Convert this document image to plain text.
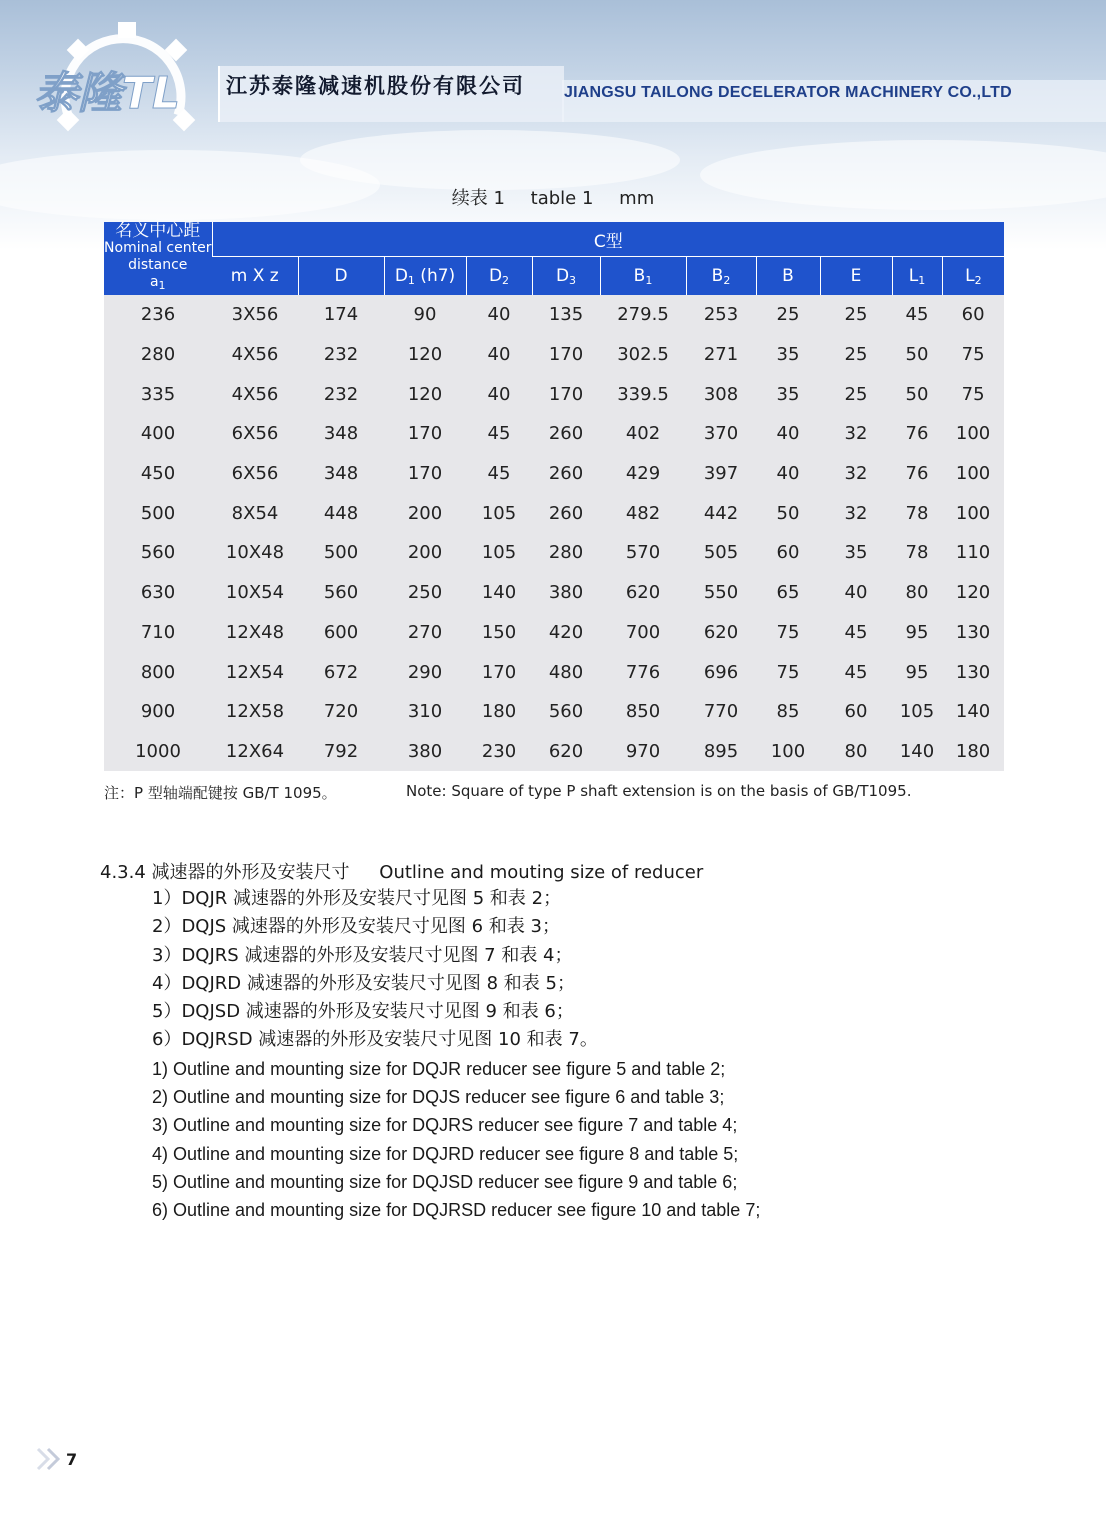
泰隆TL 江苏泰隆减速机股份有限公司 JIANGSU TAILONG DECELERATOR MACHINERY CO.,LTD
续表 1 table 1 mm
名义中心距
Nominal center
distance
$a_1$	C型										
	m X z	D	$D_1$ (h7)	$D_2$	$D_3$	$B_1$	$B_2$	B	E	$L_1$	$L_2$
236	3X56	174	90	40	135	279.5	253	25	25	45	60
280	4X56	232	120	40	170	302.5	271	35	25	50	75
335	4X56	232	120	40	170	339.5	308	35	25	50	75
400	6X56	348	170	45	260	402	370	40	32	76	100
450	6X56	348	170	45	260	429	397	40	32	76	100
500	8X54	448	200	105	260	482	442	50	32	78	100
560	10X48	500	200	105	280	570	505	60	35	78	110
630	10X54	560	250	140	380	620	550	65	40	80	120
710	12X48	600	270	150	420	700	620	75	45	95	130
800	12X54	672	290	170	480	776	696	75	45	95	130
900	12X58	720	310	180	560	850	770	85	60	105	140
1000	12X64	792	380	230	620	970	895	100	80	140	180
注：P 型轴端配键按 GB/T 1095。	Note: Square of type P shaft extension is on the basis of GB/T1095.
4.3.4 减速器的外形及安装尺寸 Outline and mouting size of reducer
1）DQJR 减速器的外形及安装尺寸见图 5 和表 2；
2）DQJS 减速器的外形及安装尺寸见图 6 和表 3；
3）DQJRS 减速器的外形及安装尺寸见图 7 和表 4；
4）DQJRD 减速器的外形及安装尺寸见图 8 和表 5；
5）DQJSD 减速器的外形及安装尺寸见图 9 和表 6；
6）DQJRSD 减速器的外形及安装尺寸见图 10 和表 7。
1) Outline and mounting size for DQJR reducer see figure 5 and table 2;
2) Outline and mounting size for DQJS reducer see figure 6 and table 3;
3) Outline and mounting size for DQJRS reducer see figure 7 and table 4;
4) Outline and mounting size for DQJRD reducer see figure 8 and table 5;
5) Outline and mounting size for DQJSD reducer see figure 9 and table 6;
6) Outline and mounting size for DQJRSD reducer see figure 10 and table 7;
7
